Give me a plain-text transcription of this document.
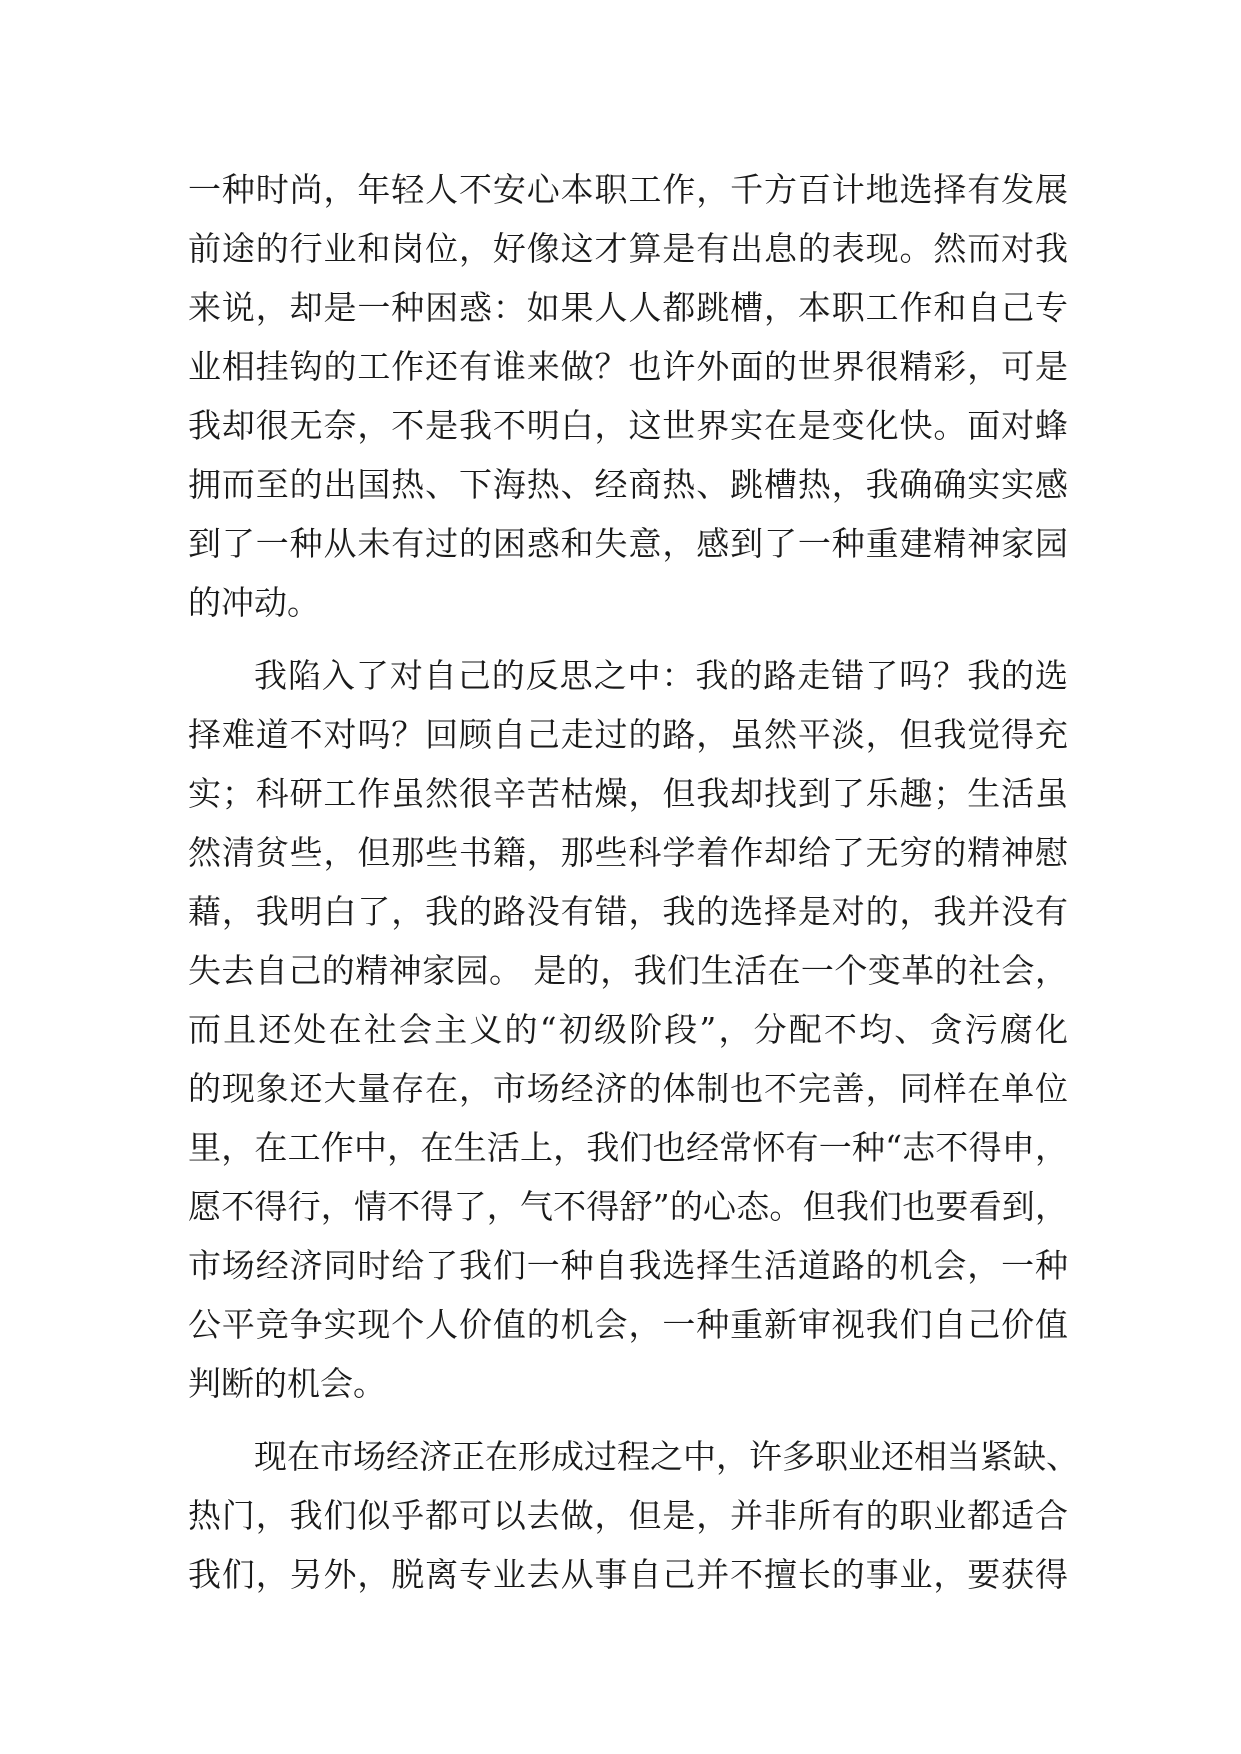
一种时尚，年轻人不安心本职工作，千方百计地选择有发展
前途的行业和岗位，好像这才算是有出息的表现。然而对我
来说，却是一种困惑：如果人人都跳槽，本职工作和自己专
业相挂钩的工作还有谁来做？也许外面的世界很精彩，可是
我却很无奈，不是我不明白，这世界实在是变化快。面对蜂
拥而至的出国热、下海热、经商热、跳槽热，我确确实实感
到了一种从未有过的困惑和失意，感到了一种重建精神家园
的冲动。
我陷入了对自己的反思之中：我的路走错了吗？我的选
择难道不对吗？回顾自己走过的路，虽然平淡，但我觉得充
实；科研工作虽然很辛苦枯燥，但我却找到了乐趣；生活虽
然清贫些，但那些书籍，那些科学着作却给了无穷的精神慰
藉，我明白了，我的路没有错，我的选择是对的，我并没有
失去自己的精神家园。 是的，我们生活在一个变革的社会，
而且还处在社会主义的“初级阶段”，分配不均、贪污腐化
的现象还大量存在，市场经济的体制也不完善，同样在单位
里，在工作中，在生活上，我们也经常怀有一种“志不得申，
愿不得行，情不得了，气不得舒”的心态。但我们也要看到，
市场经济同时给了我们一种自我选择生活道路的机会，一种
公平竞争实现个人价值的机会，一种重新审视我们自己价值
判断的机会。
现在市场经济正在形成过程之中，许多职业还相当紧缺、
热门，我们似乎都可以去做，但是，并非所有的职业都适合
我们，另外，脱离专业去从事自己并不擅长的事业，要获得
